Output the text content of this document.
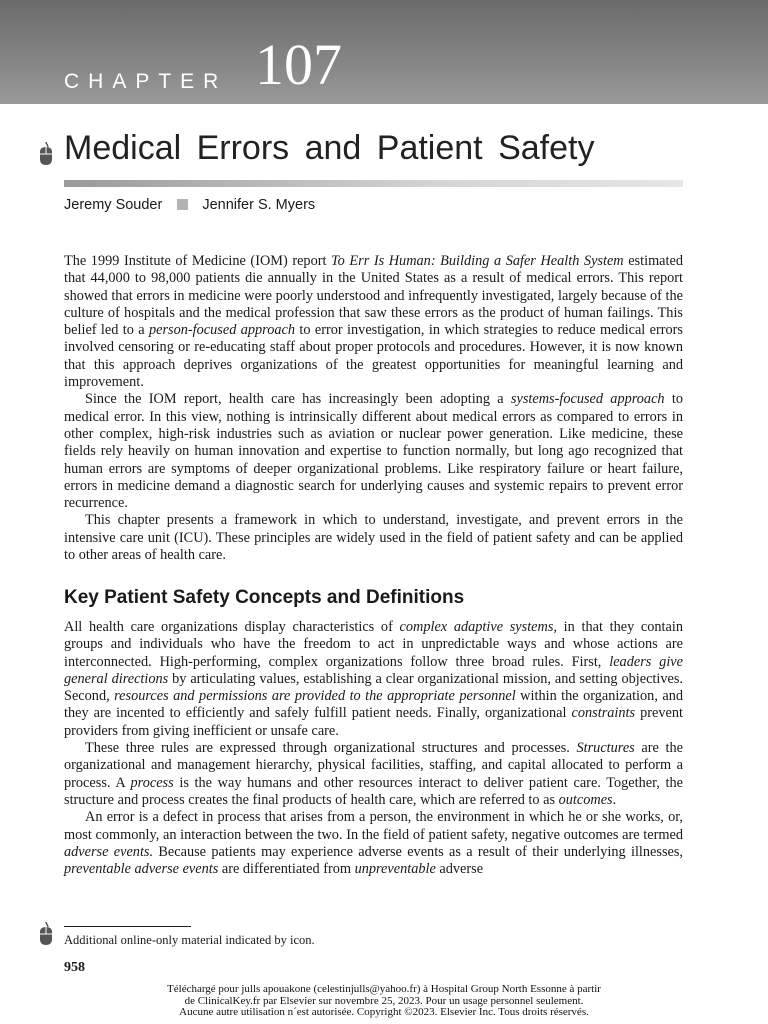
CHAPTER 107
Medical Errors and Patient Safety
Jeremy Souder	Jennifer S. Myers

The 1999 Institute of Medicine (IOM) report To Err Is Human: Building a Safer Health System estimated that 44,000 to 98,000 patients die annually in the United States as a result of medical errors. This report showed that errors in medicine were poorly understood and infrequently investigated, largely because of the culture of hospitals and the medical profession that saw these errors as the product of human failings. This belief led to a person-focused approach to error investigation, in which strategies to reduce medical errors involved censoring or re-educating staff about proper protocols and procedures. However, it is now known that this approach deprives organizations of the greatest opportunities for meaningful learning and improvement.

Since the IOM report, health care has increasingly been adopting a systems-focused approach to medical error. In this view, nothing is intrinsically different about medical errors as compared to errors in other complex, high-risk industries such as aviation or nuclear power generation. Like medicine, these fields rely heavily on human innovation and expertise to function normally, but long ago recognized that human errors are symptoms of deeper organizational problems. Like respiratory failure or heart failure, errors in medicine demand a diagnostic search for underlying causes and systemic repairs to prevent error recurrence.

This chapter presents a framework in which to understand, investigate, and prevent errors in the intensive care unit (ICU). These principles are widely used in the field of patient safety and can be applied to other areas of health care.

Key Patient Safety Concepts and Definitions

All health care organizations display characteristics of complex adaptive systems, in that they contain groups and individuals who have the freedom to act in unpredictable ways and whose actions are interconnected. High-performing, complex organizations follow three broad rules. First, leaders give general directions by articulating values, establishing a clear organizational mission, and setting objectives. Second, resources and permissions are provided to the appropriate personnel within the organization, and they are incented to efficiently and safely fulfill patient needs. Finally, organizational constraints prevent providers from giving inefficient or unsafe care.

These three rules are expressed through organizational structures and processes. Structures are the organizational and management hierarchy, physical facilities, staffing, and capital allocated to perform a process. A process is the way humans and other resources interact to deliver patient care. Together, the structure and process creates the final products of health care, which are referred to as outcomes.

An error is a defect in process that arises from a person, the environment in which he or she works, or, most commonly, an interaction between the two. In the field of patient safety, negative outcomes are termed adverse events. Because patients may experience adverse events as a result of their underlying illnesses, preventable adverse events are differentiated from unpreventable adverse

Additional online-only material indicated by icon.
958
Téléchargé pour julls apouakone (celestinjulls@yahoo.fr) à Hospital Group North Essonne à partir
de ClinicalKey.fr par Elsevier sur novembre 25, 2023. Pour un usage personnel seulement.
Aucune autre utilisation n´est autorisée. Copyright ©2023. Elsevier Inc. Tous droits réservés.
